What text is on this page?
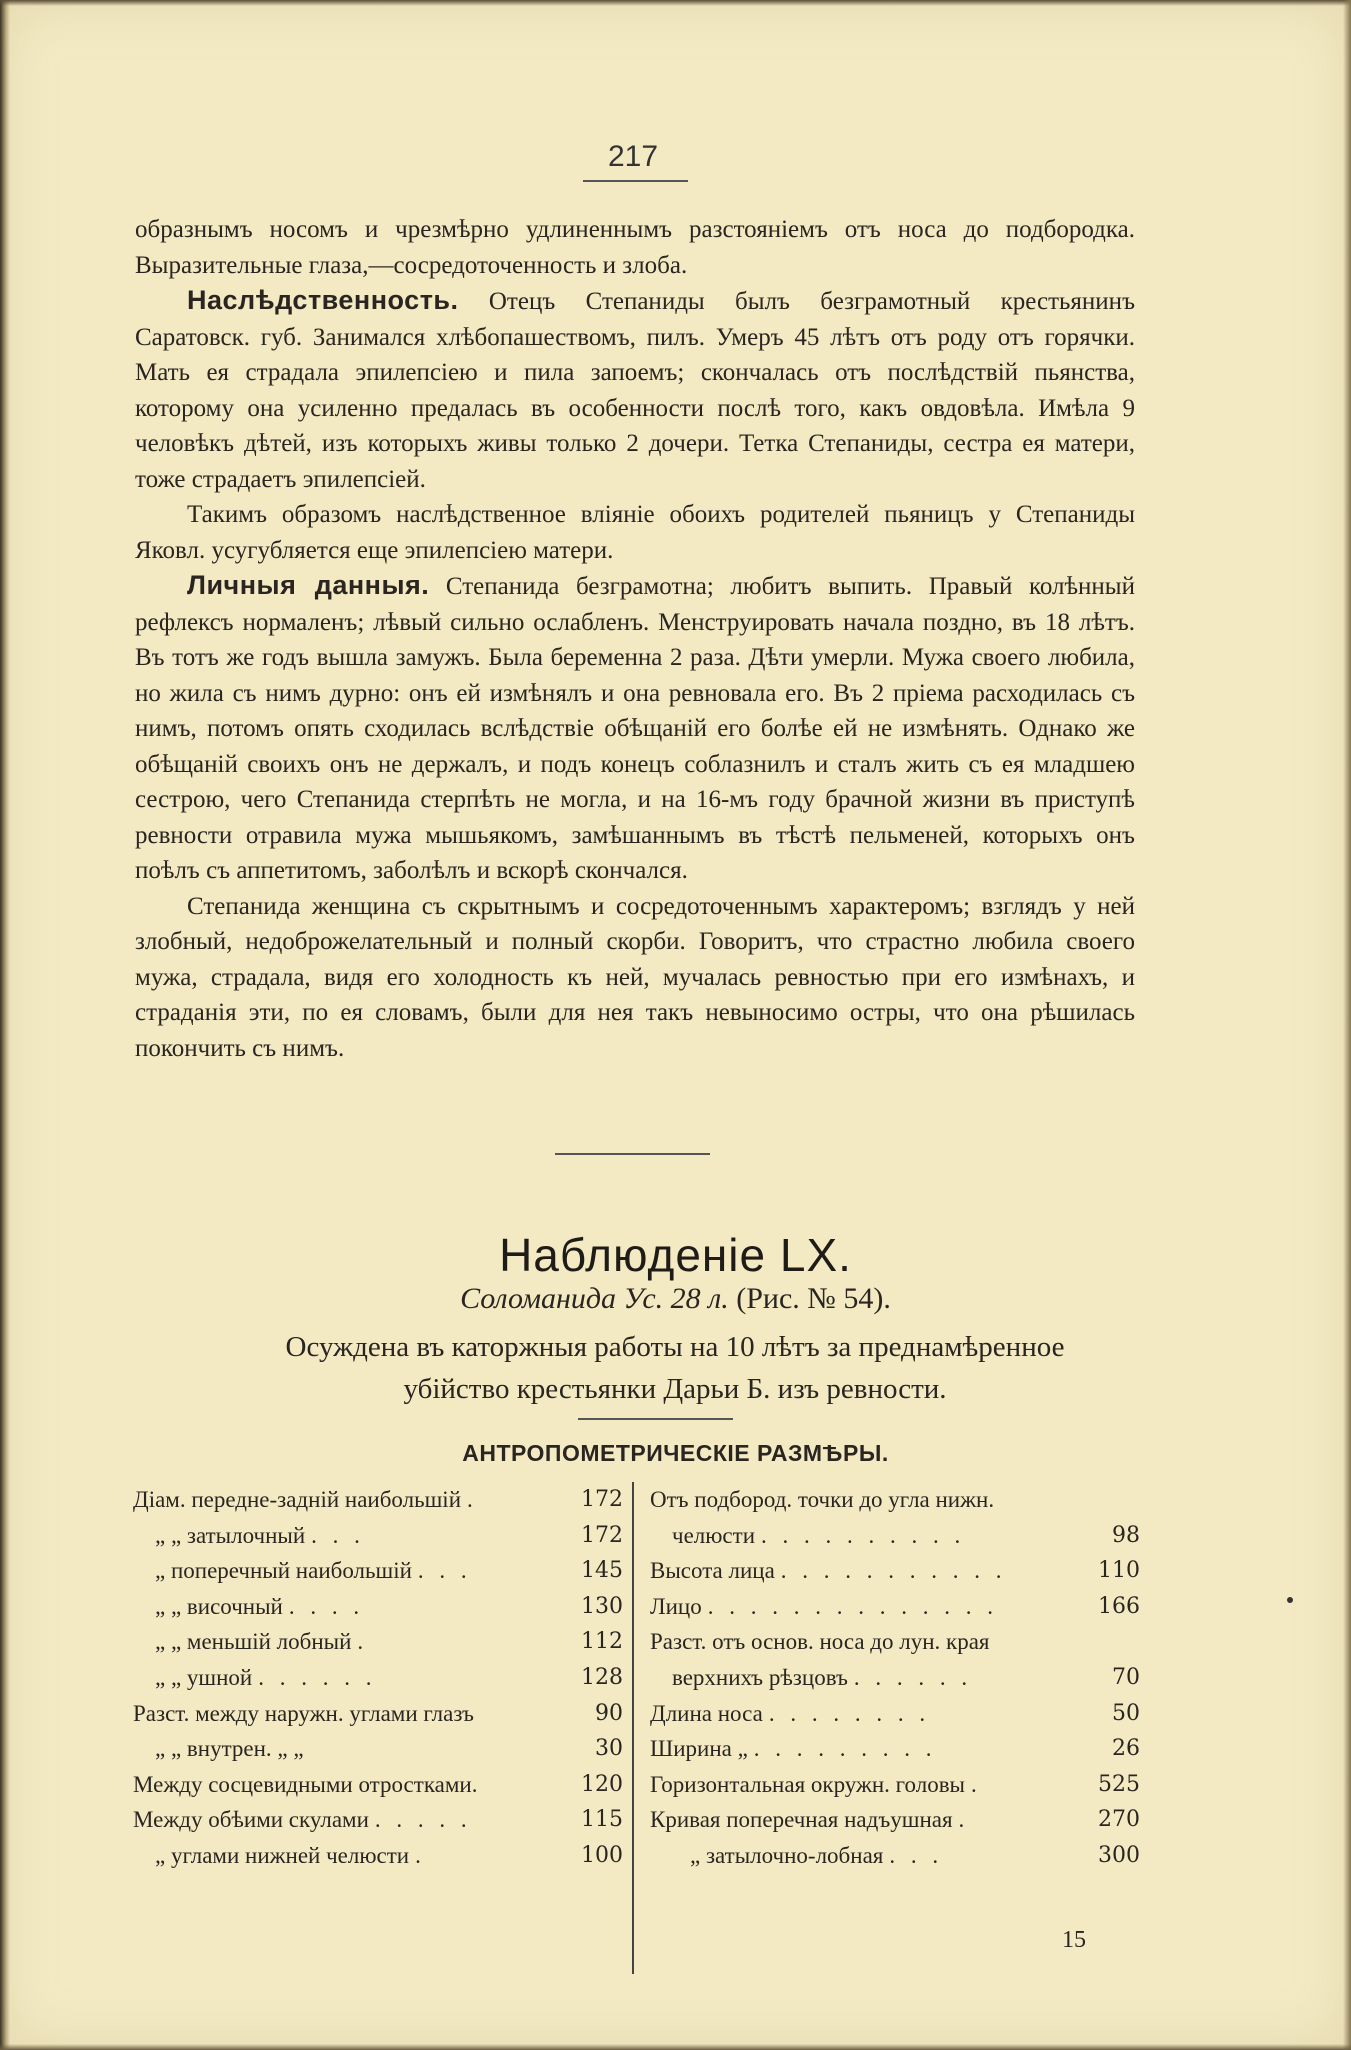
217

образнымъ носомъ и чрезмѣрно удлиненнымъ разстояніемъ отъ носа до подбородка. Выразительные глаза,—сосредоточенность и злоба.

Наслѣдственность. Отецъ Степаниды былъ безграмотный крестьянинъ Саратовск. губ. Занимался хлѣбопашествомъ, пилъ. Умеръ 45 лѣтъ отъ роду отъ горячки. Мать ея страдала эпилепсіею и пила запоемъ; скончалась отъ послѣдствій пьянства, которому она усиленно предалась въ особенности послѣ того, какъ овдовѣла. Имѣла 9 человѣкъ дѣтей, изъ которыхъ живы только 2 дочери. Тетка Степаниды, сестра ея матери, тоже страдаетъ эпилепсіей.

Такимъ образомъ наслѣдственное вліяніе обоихъ родителей пьяницъ у Степаниды Яковл. усугубляется еще эпилепсіею матери.

Личныя данныя. Степанида безграмотна; любитъ выпить. Правый колѣнный рефлексъ нормаленъ; лѣвый сильно ослабленъ. Менструировать начала поздно, въ 18 лѣтъ. Въ тотъ же годъ вышла замужъ. Была беременна 2 раза. Дѣти умерли. Мужа своего любила, но жила съ нимъ дурно: онъ ей измѣнялъ и она ревновала его. Въ 2 пріема расходилась съ нимъ, потомъ опять сходилась вслѣдствіе обѣщаній его болѣе ей не измѣнять. Однако же обѣщаній своихъ онъ не держалъ, и подъ конецъ соблазнилъ и сталъ жить съ ея младшею сестрою, чего Степанида стерпѣть не могла, и на 16-мъ году брачной жизни въ приступѣ ревности отравила мужа мышьякомъ, замѣшаннымъ въ тѣстѣ пельменей, которыхъ онъ поѣлъ съ аппетитомъ, заболѣлъ и вскорѣ скончался.

Степанида женщина съ скрытнымъ и сосредоточеннымъ характеромъ; взглядъ у ней злобный, недоброжелательный и полный скорби. Говоритъ, что страстно любила своего мужа, страдала, видя его холодность къ ней, мучалась ревностью при его измѣнахъ, и страданія эти, по ея словамъ, были для нея такъ невыносимо остры, что она рѣшилась покончить съ нимъ.

Наблюденіе LX.
Соломанида Ус. 28 л. (Рис. № 54).
Осуждена въ каторжныя работы на 10 лѣтъ за преднамѣренное
убійство крестьянки Дарьи Б. изъ ревности.
АНТРОПОМЕТРИЧЕСКІЕ РАЗМѢРЫ.
Діам. передне-задній наибольшій .	172
„ „ затылочный . . .	172
„ поперечный наибольшій . . .	145
„ „ височный . . . .	130
„ „ меньшій лобный .	112
„ „ ушной . . . . . .	128
Разст. между наружн. углами глазъ	90
„ „ внутрен. „ „	30
Между сосцевидными отростками.	120
Между обѣими скулами . . . . .	115
„ углами нижней челюсти .	100
Отъ подбород. точки до угла нижн.
челюсти . . . . . . . . . .	98
Высота лица . . . . . . . . . . .	110
Лицо . . . . . . . . . . . . . .	166
Разст. отъ основ. носа до лун. края
верхнихъ рѣзцовъ . . . . . .	70
Длина носа . . . . . . . .	50
Ширина „ . . . . . . . . .	26
Горизонтальная окружн. головы .	525
Кривая поперечная надъушная .	270
„ затылочно-лобная . . .	300
15
